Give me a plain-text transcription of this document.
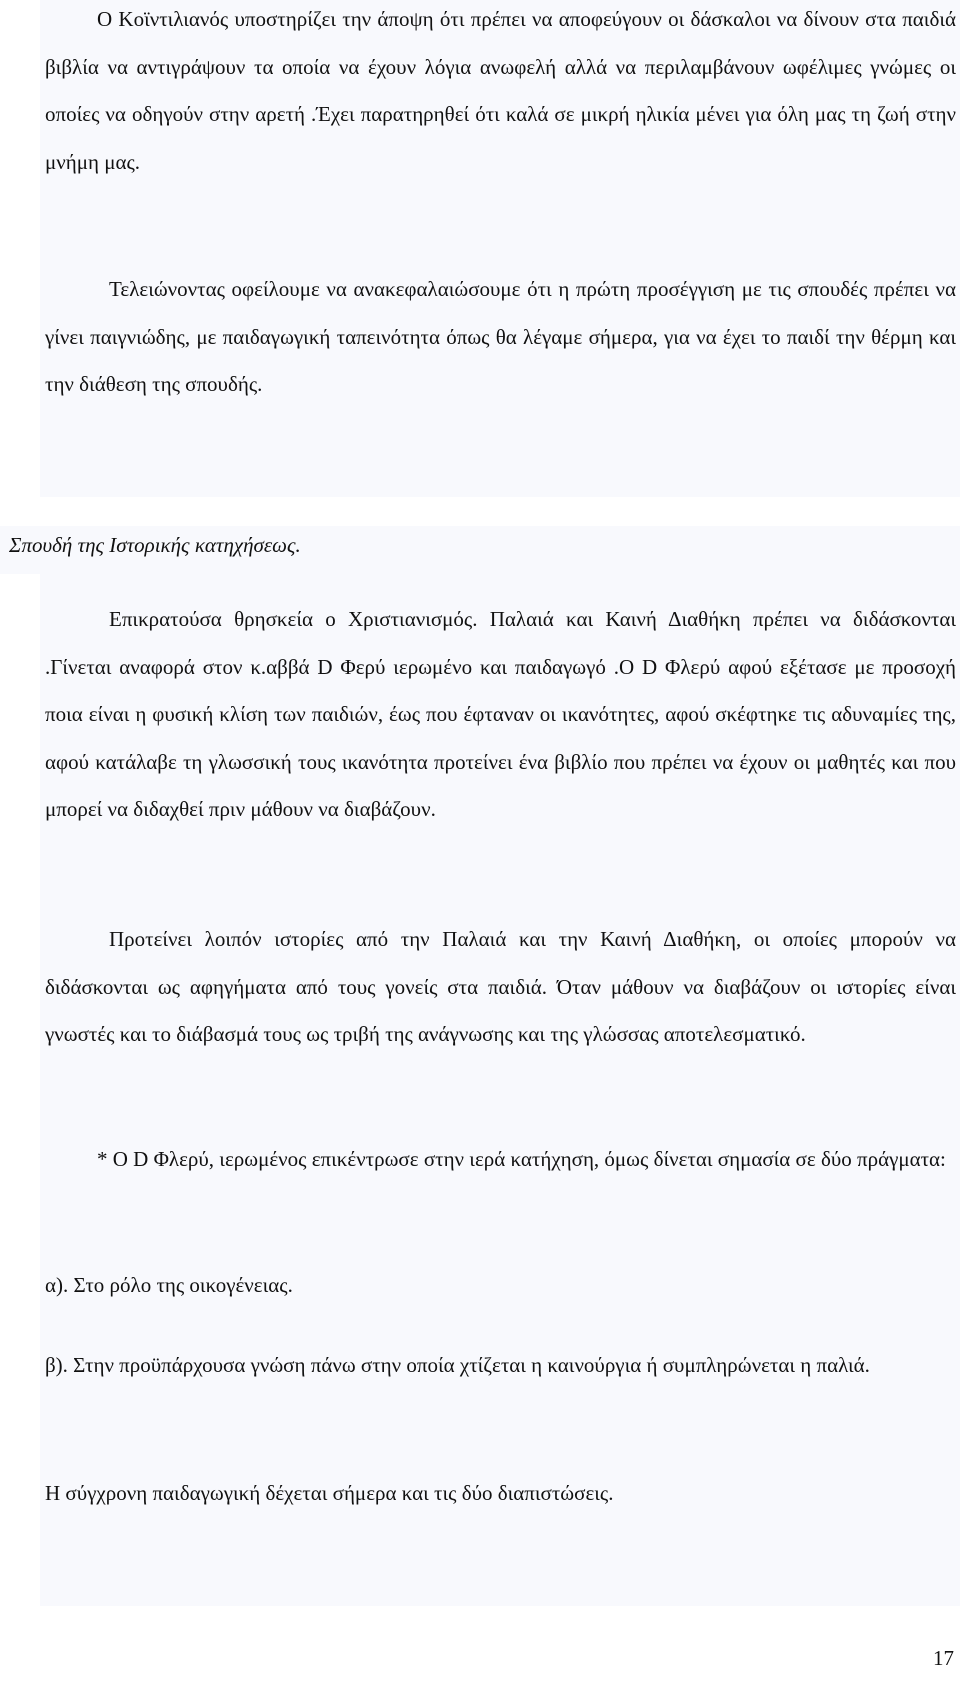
Ο Κοϊντιλιανός υποστηρίζει την άποψη ότι πρέπει να αποφεύγουν οι δάσκαλοι να δίνουν στα παιδιά βιβλία να αντιγράψουν τα οποία να έχουν λόγια ανωφελή αλλά να περιλαμβάνουν ωφέλιμες γνώμες οι οποίες να οδηγούν στην αρετή .Έχει παρατηρηθεί ότι καλά σε μικρή ηλικία μένει για όλη μας τη ζωή στην μνήμη μας.

Τελειώνοντας οφείλουμε να ανακεφαλαιώσουμε ότι η πρώτη προσέγγιση με τις σπουδές πρέπει να γίνει παιγνιώδης, με παιδαγωγική ταπεινότητα όπως θα λέγαμε σήμερα, για να έχει το παιδί την θέρμη και την διάθεση της σπουδής.

Σπουδή της Ιστορικής κατηχήσεως.

Επικρατούσα θρησκεία ο Χριστιανισμός. Παλαιά και Καινή Διαθήκη πρέπει να διδάσκονται .Γίνεται αναφορά στον κ.αββά D Φερύ ιερωμένο και παιδαγωγό .O D Φλερύ αφού εξέτασε με προσοχή ποια είναι η φυσική κλίση των παιδιών, έως που έφταναν οι ικανότητες, αφού σκέφτηκε τις αδυναμίες της, αφού κατάλαβε τη γλωσσική τους ικανότητα προτείνει ένα βιβλίο που πρέπει να έχουν οι μαθητές και που μπορεί να διδαχθεί πριν μάθουν να διαβάζουν.

Προτείνει λοιπόν ιστορίες από την Παλαιά και την Καινή Διαθήκη, οι οποίες μπορούν να διδάσκονται ως αφηγήματα από τους γονείς στα παιδιά. Όταν μάθουν να διαβάζουν οι ιστορίες είναι γνωστές και το διάβασμά τους ως τριβή της ανάγνωσης και της γλώσσας αποτελεσματικό.

* O D Φλερύ, ιερωμένος επικέντρωσε στην ιερά κατήχηση, όμως δίνεται σημασία σε δύο πράγματα:

α). Στο ρόλο της οικογένειας.

β). Στην προϋπάρχουσα γνώση πάνω στην οποία χτίζεται η καινούργια ή συμπληρώνεται η παλιά.

Η σύγχρονη παιδαγωγική δέχεται σήμερα και τις δύο διαπιστώσεις.

17
